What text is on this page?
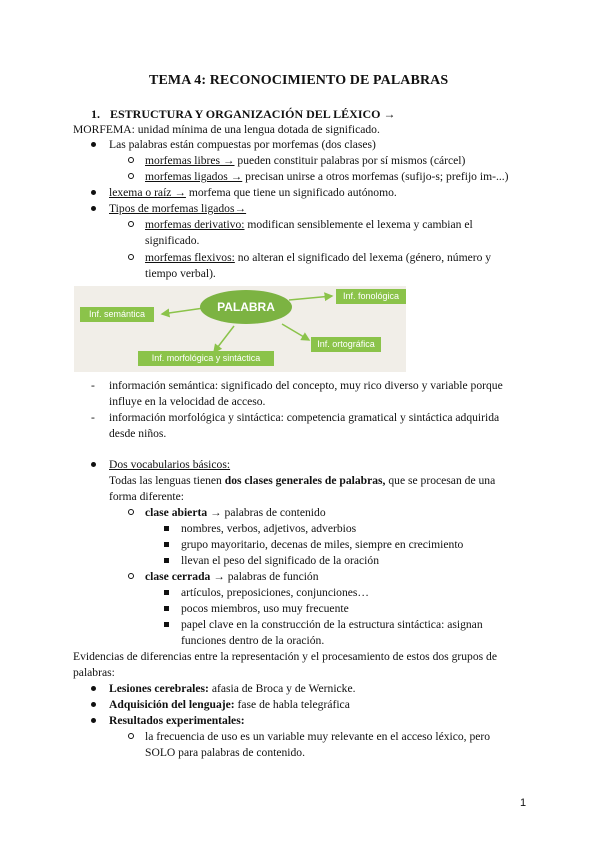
TEMA 4: RECONOCIMIENTO DE PALABRAS
1. ESTRUCTURA Y ORGANIZACIÓN DEL LÉXICO →
MORFEMA: unidad mínima de una lengua dotada de significado.
Las palabras están compuestas por morfemas (dos clases)
morfemas libres → pueden constituir palabras por sí mismos (cárcel)
morfemas ligados → precisan unirse a otros morfemas (sufijo-s; prefijo im-...)
lexema o raíz → morfema que tiene un significado autónomo.
Tipos de morfemas ligados→
morfemas derivativo: modifican sensiblemente el lexema y cambian el
significado.
morfemas flexivos: no alteran el significado del lexema (género, número y
tiempo verbal).
PALABRA
Inf. semántica
Inf. fonológica
Inf. ortográfica
Inf. morfológica y sintáctica
- información semántica: significado del concepto, muy rico diverso y variable porque
influye en la velocidad de acceso.
- información morfológica y sintáctica: competencia gramatical y sintáctica adquirida
desde niños.
Dos vocabularios básicos:
Todas las lenguas tienen dos clases generales de palabras, que se procesan de una
forma diferente:
clase abierta → palabras de contenido
nombres, verbos, adjetivos, adverbios
grupo mayoritario, decenas de miles, siempre en crecimiento
llevan el peso del significado de la oración
clase cerrada → palabras de función
artículos, preposiciones, conjunciones…
pocos miembros, uso muy frecuente
papel clave en la construcción de la estructura sintáctica: asignan
funciones dentro de la oración.
Evidencias de diferencias entre la representación y el procesamiento de estos dos grupos de
palabras:
Lesiones cerebrales: afasia de Broca y de Wernicke.
Adquisición del lenguaje: fase de habla telegráfica
Resultados experimentales:
la frecuencia de uso es un variable muy relevante en el acceso léxico, pero
SOLO para palabras de contenido.
1
